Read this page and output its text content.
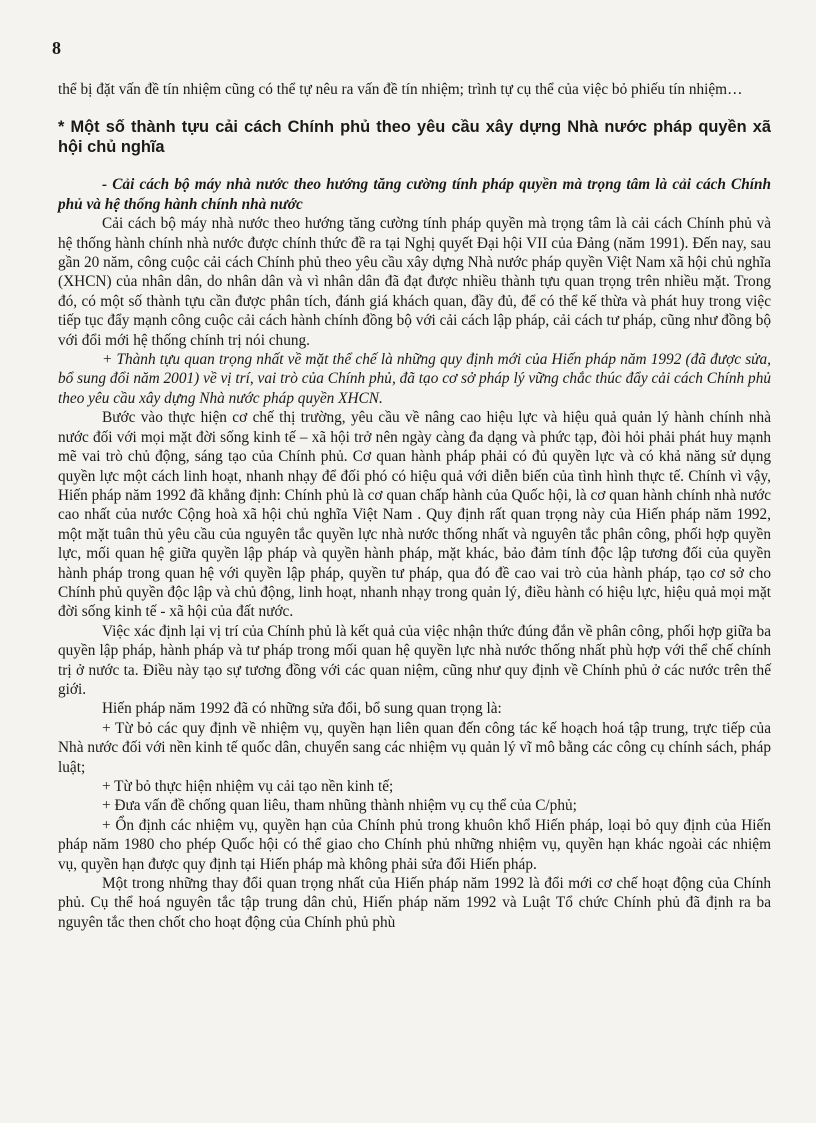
8

thể bị đặt vấn đề tín nhiệm cũng có thể tự nêu ra vấn đề tín nhiệm; trình tự cụ thể của việc bỏ phiếu tín nhiệm…

* Một số thành tựu cải cách Chính phủ theo yêu cầu xây dựng Nhà nước pháp quyền xã hội chủ nghĩa

- Cải cách bộ máy nhà nước theo hướng tăng cường tính pháp quyền mà trọng tâm là cải cách Chính phủ và hệ thống hành chính nhà nước

Cải cách bộ máy nhà nước theo hướng tăng cường tính pháp quyền mà trọng tâm là cải cách Chính phủ và hệ thống hành chính nhà nước được chính thức đề ra tại Nghị quyết Đại hội VII của Đảng (năm 1991). Đến nay, sau gần 20 năm, công cuộc cải cách Chính phủ theo yêu cầu xây dựng Nhà nước pháp quyền Việt Nam xã hội chủ nghĩa (XHCN) của nhân dân, do nhân dân và vì nhân dân đã đạt được nhiều thành tựu quan trọng trên nhiều mặt. Trong đó, có một số thành tựu cần được phân tích, đánh giá khách quan, đầy đủ, để có thể kế thừa và phát huy trong việc tiếp tục đẩy mạnh công cuộc cải cách hành chính đồng bộ với cải cách lập pháp, cải cách tư pháp, cũng như đồng bộ với đổi mới hệ thống chính trị nói chung.

+ Thành tựu quan trọng nhất về mặt thể chế là những quy định mới của Hiến pháp năm 1992 (đã được sửa, bổ sung đổi năm 2001) về vị trí, vai trò của Chính phủ, đã tạo cơ sở pháp lý vững chắc thúc đẩy cải cách Chính phủ theo yêu cầu xây dựng Nhà nước pháp quyền XHCN.

Bước vào thực hiện cơ chế thị trường, yêu cầu về nâng cao hiệu lực và hiệu quả quản lý hành chính nhà nước đối với mọi mặt đời sống kinh tế – xã hội trở nên ngày càng đa dạng và phức tạp, đòi hỏi phải phát huy mạnh mẽ vai trò chủ động, sáng tạo của Chính phủ. Cơ quan hành pháp phải có đủ quyền lực và có khả năng sử dụng quyền lực một cách linh hoạt, nhanh nhạy để đối phó có hiệu quả với diễn biến của tình hình thực tế. Chính vì vậy, Hiến pháp năm 1992 đã khẳng định: Chính phủ là cơ quan chấp hành của Quốc hội, là cơ quan hành chính nhà nước cao nhất của nước Cộng hoà xã hội chủ nghĩa Việt Nam . Quy định rất quan trọng này của Hiến pháp năm 1992, một mặt tuân thủ yêu cầu của nguyên tắc quyền lực nhà nước thống nhất và nguyên tắc phân công, phối hợp quyền lực, mối quan hệ giữa quyền lập pháp và quyền hành pháp, mặt khác, bảo đảm tính độc lập tương đối của quyền hành pháp trong quan hệ với quyền lập pháp, quyền tư pháp, qua đó đề cao vai trò của hành pháp, tạo cơ sở cho Chính phủ quyền độc lập và chủ động, linh hoạt, nhanh nhạy trong quản lý, điều hành có hiệu lực, hiệu quả mọi mặt đời sống kinh tế - xã hội của đất nước.

Việc xác định lại vị trí của Chính phủ là kết quả của việc nhận thức đúng đắn về phân công, phối hợp giữa ba quyền lập pháp, hành pháp và tư pháp trong mối quan hệ quyền lực nhà nước thống nhất phù hợp với thể chế chính trị ở nước ta. Điều này tạo sự tương đồng với các quan niệm, cũng như quy định về Chính phủ ở các nước trên thế giới.

Hiến pháp năm 1992 đã có những sửa đổi, bổ sung quan trọng là:

+ Từ bỏ các quy định về nhiệm vụ, quyền hạn liên quan đến công tác kế hoạch hoá tập trung, trực tiếp của Nhà nước đối với nền kinh tế quốc dân, chuyển sang các nhiệm vụ quản lý vĩ mô bằng các công cụ chính sách, pháp luật;

+ Từ bỏ thực hiện nhiệm vụ cải tạo nền kinh tế;

+ Đưa vấn đề chống quan liêu, tham nhũng thành nhiệm vụ cụ thể của C/phủ;

+ Ổn định các nhiệm vụ, quyền hạn của Chính phủ trong khuôn khổ Hiến pháp, loại bỏ quy định của Hiến pháp năm 1980 cho phép Quốc hội có thể giao cho Chính phủ những nhiệm vụ, quyền hạn khác ngoài các nhiệm vụ, quyền hạn được quy định tại Hiến pháp mà không phải sửa đổi Hiến pháp.

Một trong những thay đổi quan trọng nhất của Hiến pháp năm 1992 là đổi mới cơ chế hoạt động của Chính phủ. Cụ thể hoá nguyên tắc tập trung dân chủ, Hiến pháp năm 1992 và Luật Tổ chức Chính phủ đã định ra ba nguyên tắc then chốt cho hoạt động của Chính phủ phù
